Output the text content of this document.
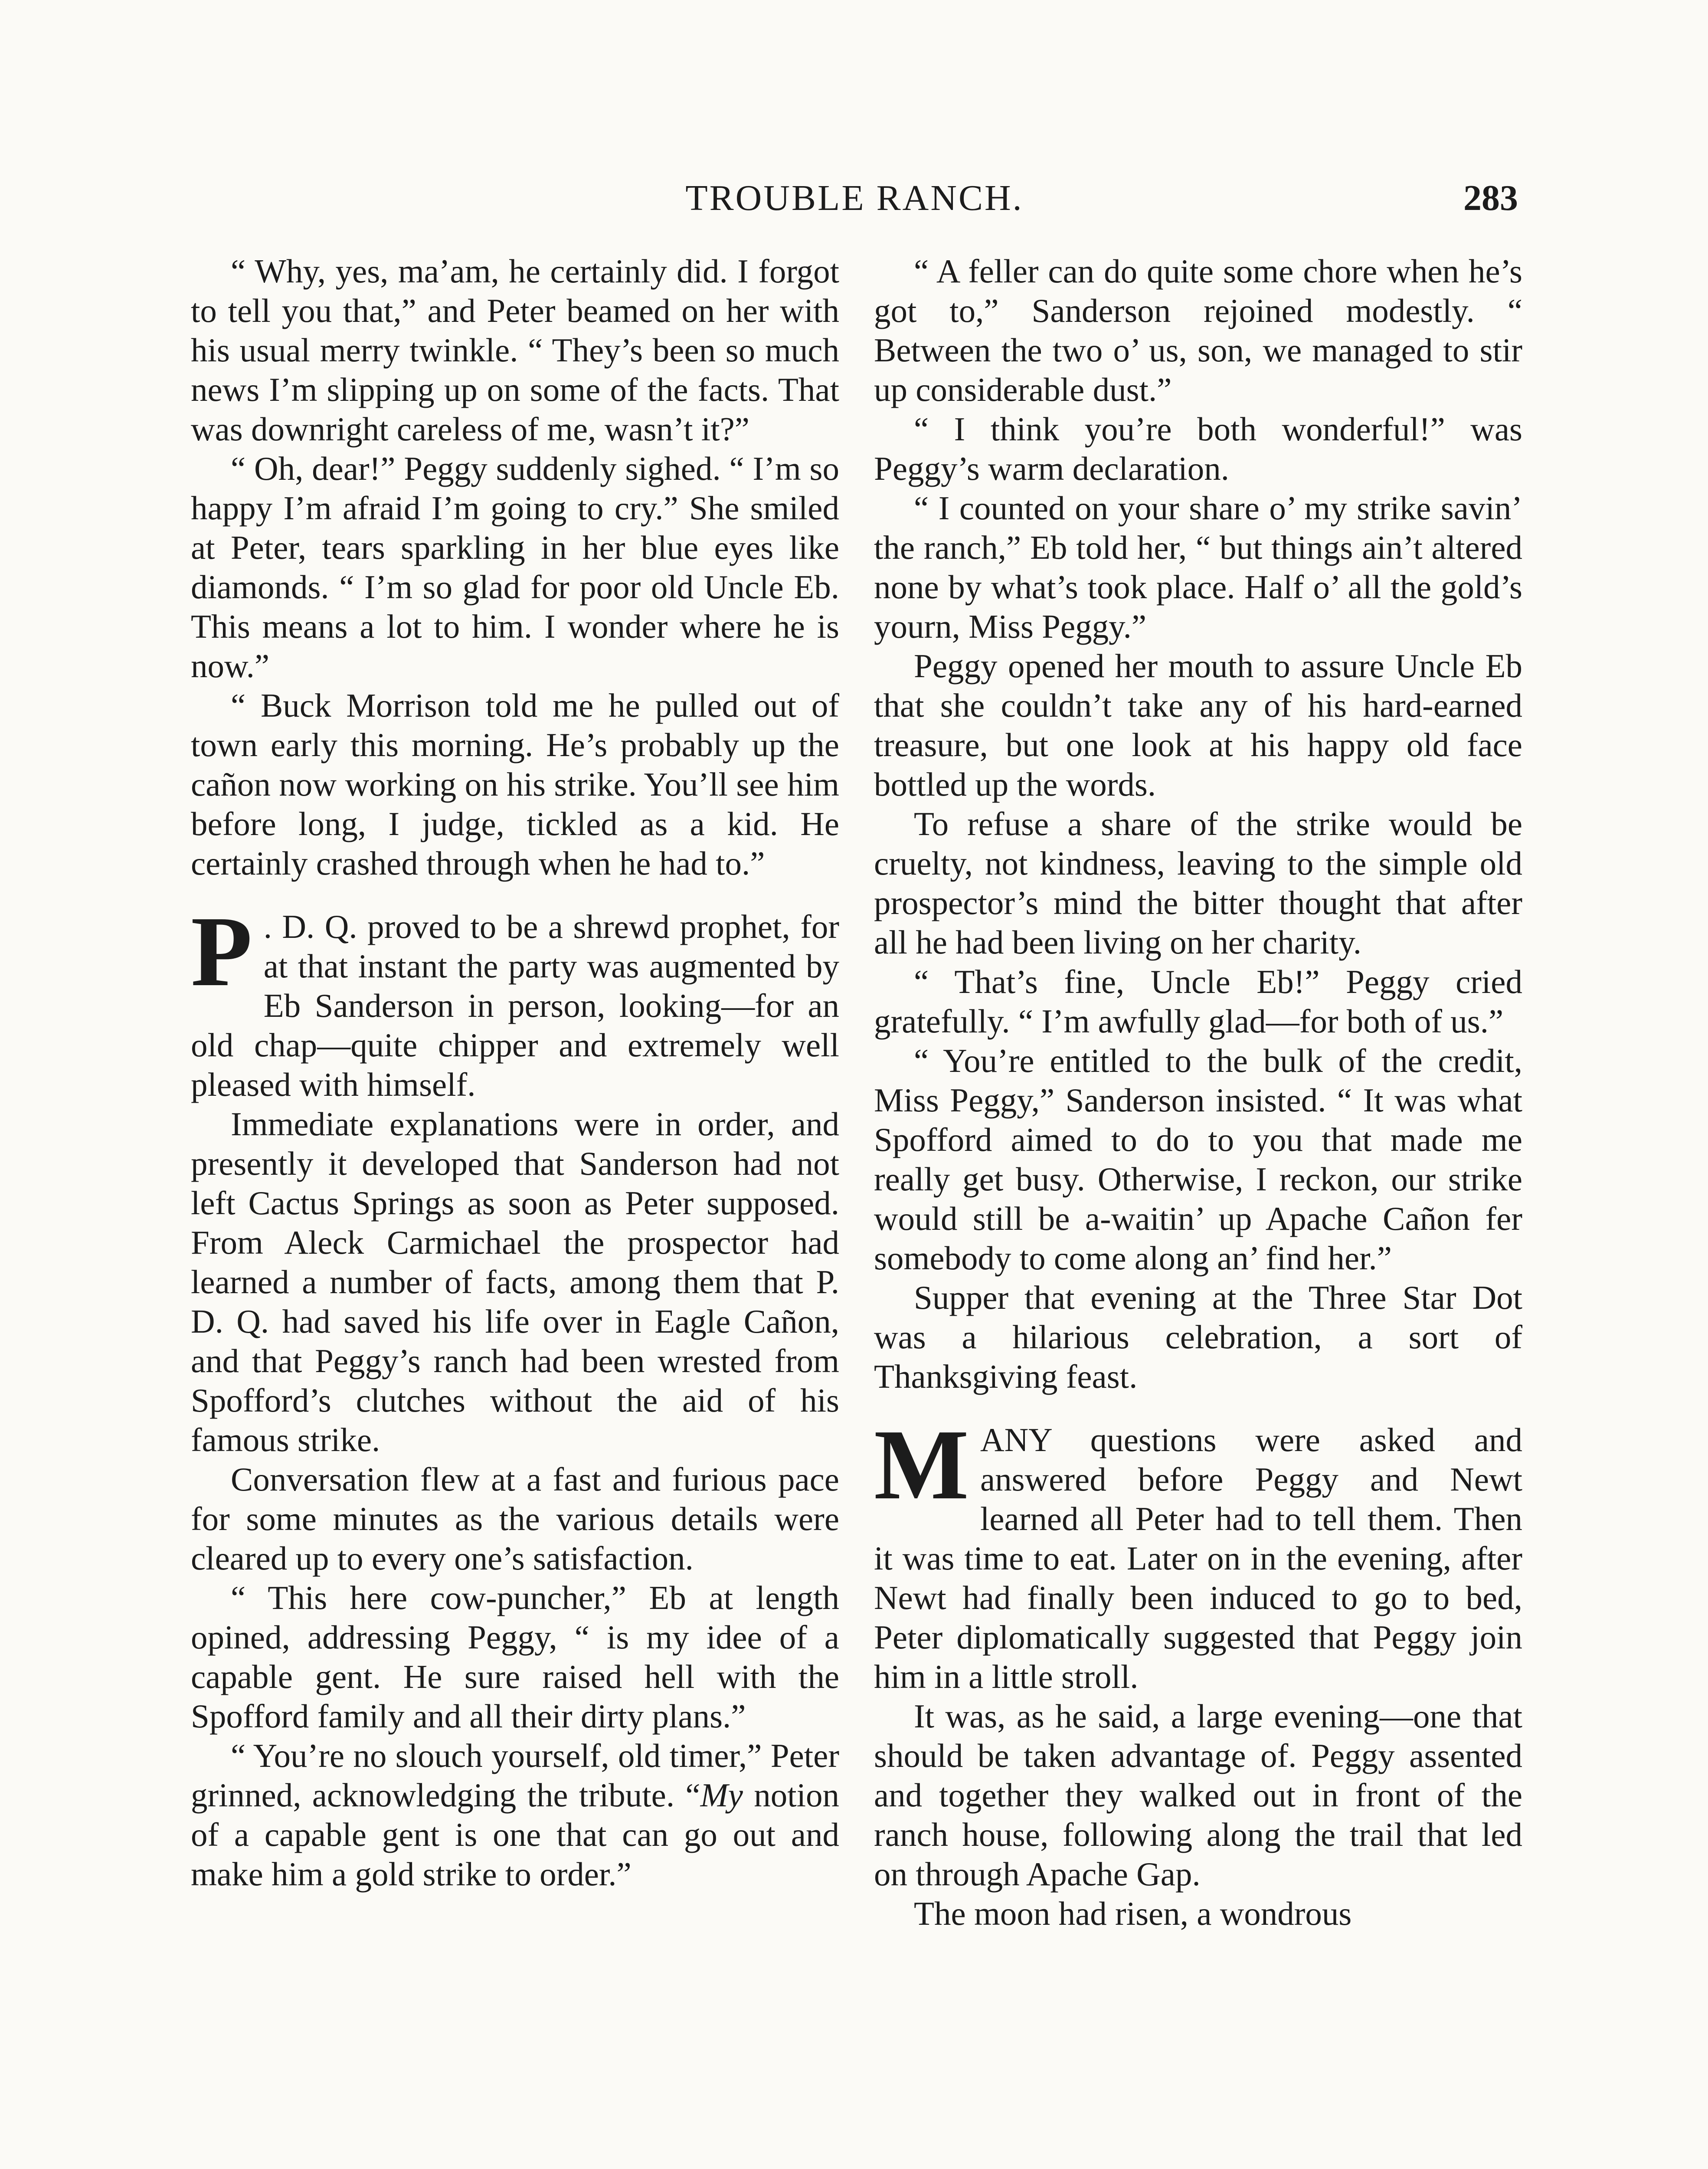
TROUBLE RANCH.	283

“ Why, yes, ma’am, he certainly did. I forgot to tell you that,” and Peter beamed on her with his usual merry twinkle. “ They’s been so much news I’m slipping up on some of the facts. That was downright careless of me, wasn’t it?”

“ Oh, dear!” Peggy suddenly sighed. “ I’m so happy I’m afraid I’m going to cry.” She smiled at Peter, tears sparkling in her blue eyes like diamonds. “ I’m so glad for poor old Uncle Eb. This means a lot to him. I wonder where he is now.”

“ Buck Morrison told me he pulled out of town early this morning. He’s probably up the cañon now working on his strike. You’ll see him before long, I judge, tickled as a kid. He certainly crashed through when he had to.”

P . D. Q. proved to be a shrewd prophet, for at that instant the party was augmented by Eb Sanderson in person, looking—for an old chap—quite chipper and extremely well pleased with himself.

Immediate explanations were in order, and presently it developed that Sanderson had not left Cactus Springs as soon as Peter supposed. From Aleck Carmichael the prospector had learned a number of facts, among them that P. D. Q. had saved his life over in Eagle Cañon, and that Peggy’s ranch had been wrested from Spofford’s clutches without the aid of his famous strike.

Conversation flew at a fast and furious pace for some minutes as the various details were cleared up to every one’s satisfaction.

“ This here cow-puncher,” Eb at length opined, addressing Peggy, “ is my idee of a capable gent. He sure raised hell with the Spofford family and all their dirty plans.”

“ You’re no slouch yourself, old timer,” Peter grinned, acknowledging the tribute. “My notion of a capable gent is one that can go out and make him a gold strike to order.”

“ A feller can do quite some chore when he’s got to,” Sanderson rejoined modestly. “ Between the two o’ us, son, we managed to stir up considerable dust.”

“ I think you’re both wonderful!” was Peggy’s warm declaration.

“ I counted on your share o’ my strike savin’ the ranch,” Eb told her, “ but things ain’t altered none by what’s took place. Half o’ all the gold’s yourn, Miss Peggy.”

Peggy opened her mouth to assure Uncle Eb that she couldn’t take any of his hard-earned treasure, but one look at his happy old face bottled up the words.

To refuse a share of the strike would be cruelty, not kindness, leaving to the simple old prospector’s mind the bitter thought that after all he had been living on her charity.

“ That’s fine, Uncle Eb!” Peggy cried gratefully. “ I’m awfully glad—for both of us.”

“ You’re entitled to the bulk of the credit, Miss Peggy,” Sanderson insisted. “ It was what Spofford aimed to do to you that made me really get busy. Otherwise, I reckon, our strike would still be a-waitin’ up Apache Cañon fer somebody to come along an’ find her.”

Supper that evening at the Three Star Dot was a hilarious celebration, a sort of Thanksgiving feast.

MANY questions were asked and answered before Peggy and Newt learned all Peter had to tell them. Then it was time to eat. Later on in the evening, after Newt had finally been induced to go to bed, Peter diplomatically suggested that Peggy join him in a little stroll.

It was, as he said, a large evening—one that should be taken advantage of. Peggy assented and together they walked out in front of the ranch house, following along the trail that led on through Apache Gap.

The moon had risen, a wondrous
